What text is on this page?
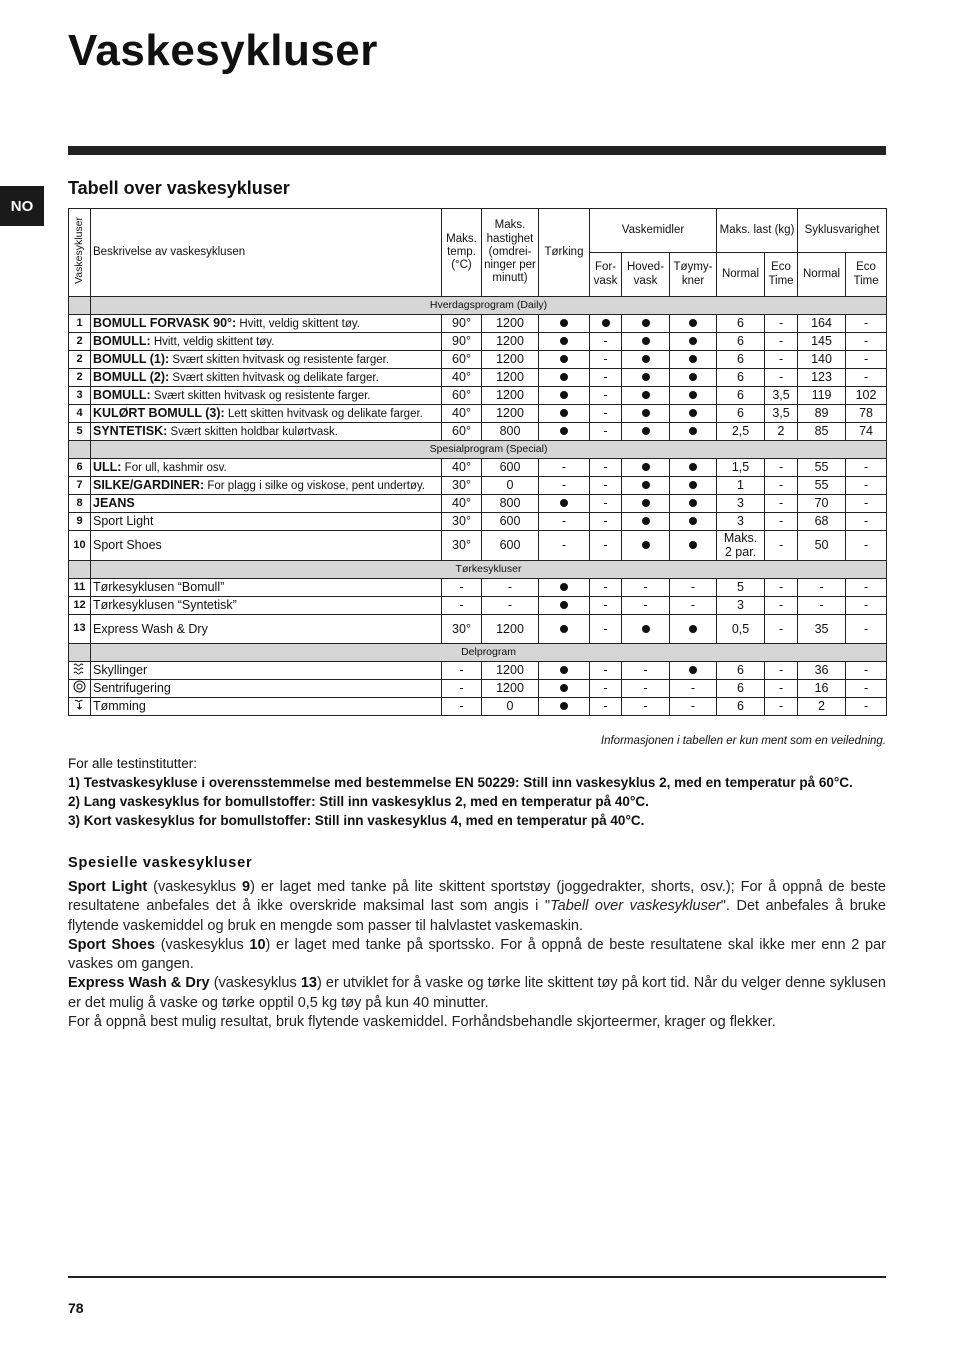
Vaskesykluser
NO
Tabell over vaskesykluser
Vaskesykluser	Beskrivelse av vaskesyklusen	Maks. temp. (°C)	Maks. hastighet (omdrei- ninger per minutt)	Tørking	Vaskemidler			Maks. last (kg)		Syklusvarighet	
					For- vask	Hoved- vask	Tøymy- kner	Normal	Eco Time	Normal	Eco Time
	Hverdagsprogram (Daily)										
1	BOMULL FORVASK 90°: Hvitt, veldig skittent tøy.	90°	1200					6	-	164	-
2	BOMULL: Hvitt, veldig skittent tøy.	90°	1200		-			6	-	145	-
2	BOMULL (1): Svært skitten hvitvask og resistente farger.	60°	1200		-			6	-	140	-
2	BOMULL (2): Svært skitten hvitvask og delikate farger.	40°	1200		-			6	-	123	-
3	BOMULL: Svært skitten hvitvask og resistente farger.	60°	1200		-			6	3,5	119	102
4	KULØRT BOMULL (3): Lett skitten hvitvask og delikate farger.	40°	1200		-			6	3,5	89	78
5	SYNTETISK: Svært skitten holdbar kulørtvask.	60°	800		-			2,5	2	85	74
	Spesialprogram (Special)										
6	ULL: For ull, kashmir osv.	40°	600	-	-			1,5	-	55	-
7	SILKE/GARDINER: For plagg i silke og viskose, pent undertøy.	30°	0	-	-			1	-	55	-
8	JEANS	40°	800		-			3	-	70	-
9	Sport Light	30°	600	-	-			3	-	68	-
10	Sport Shoes	30°	600	-	-			Maks. 2 par.	-	50	-
	Tørkesykluser										
11	Tørkesyklusen “Bomull”	-	-		-	-	-	5	-	-	-
12	Tørkesyklusen “Syntetisk”	-	-		-	-	-	3	-	-	-
13	Express Wash & Dry	30°	1200		-			0,5	-	35	-
	Delprogram										
	Skyllinger	-	1200		-	-		6	-	36	-
	Sentrifugering	-	1200		-	-	-	6	-	16	-
	Tømming	-	0		-	-	-	6	-	2	-

Informasjonen i tabellen er kun ment som en veiledning.

For alle testinstitutter:
1) Testvaskesykluse i overensstemmelse med bestemmelse EN 50229: Still inn vaskesyklus 2, med en temperatur på 60°C.
2) Lang vaskesyklus for bomullstoffer: Still inn vaskesyklus 2, med en temperatur på 40°C.
3) Kort vaskesyklus for bomullstoffer: Still inn vaskesyklus 4, med en temperatur på 40°C.
Spesielle vaskesykluser

Sport Light (vaskesyklus 9) er laget med tanke på lite skittent sportstøy (joggedrakter, shorts, osv.); For å oppnå de beste resultatene anbefales det å ikke overskride maksimal last som angis i "Tabell over vaskesykluser". Det anbefales å bruke flytende vaskemiddel og bruk en mengde som passer til halvlastet vaskemaskin.

Sport Shoes (vaskesyklus 10) er laget med tanke på sportssko. For å oppnå de beste resultatene skal ikke mer enn 2 par vaskes om gangen.

Express Wash & Dry (vaskesyklus 13) er utviklet for å vaske og tørke lite skittent tøy på kort tid. Når du velger denne syklusen er det mulig å vaske og tørke opptil 0,5 kg tøy på kun 40 minutter.

For å oppnå best mulig resultat, bruk flytende vaskemiddel. Forhåndsbehandle skjorteermer, krager og flekker.

78
